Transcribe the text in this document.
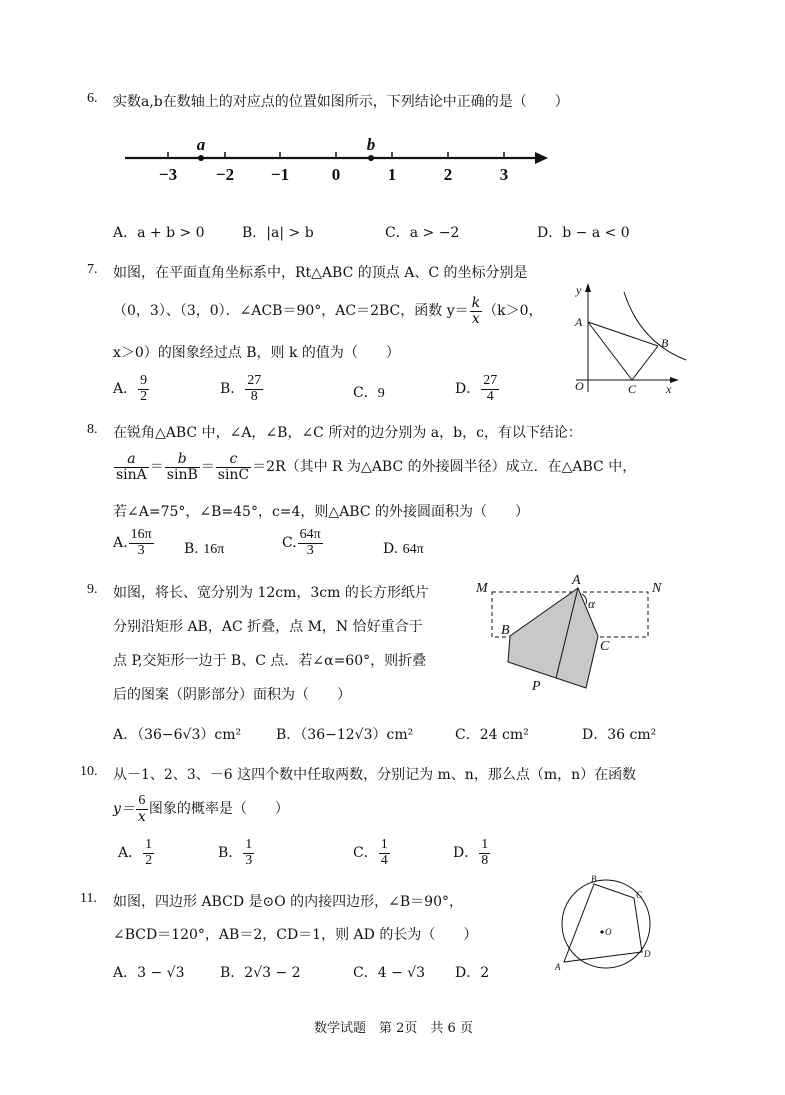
6. 实数a,b在数轴上的对应点的位置如图所示，下列结论中正确的是（　　）
a	b
−3 −2 −1	0	1	2	3
A．a + b > 0	B．|a| > b	C．a > −2	D．b − a < 0
7. 如图，在平面直角坐标系中，Rt△ABC 的顶点 A、C 的坐标分别是
（0，3）、（3，0）．∠ACB＝90°，AC＝2BC，函数 $y= \frac{k}{x} (k>0$，
x＞0）的图象经过点 B，则 k 的值为（　　）
A． $\frac{9}{2}$	B． $\frac{27}{8}$	C．9	D． $\frac{27}{4}$
y
x
A
B
C
O
8. 在锐角△ABC 中，∠A，∠B，∠C 所对的边分别为 a，b，c，有以下结论：
$\frac{a}{\sin A} = \frac{b}{\sin B} = \frac{c}{\sin C} =2R$（其中 R 为△ABC 的外接圆半径）成立．在△ABC 中，
若∠A=75°，∠B=45°，c=4，则△ABC 的外接圆面积为（　　）
A. $\frac{16\pi}{3} B$. 16π	C. $\frac{64\pi}{3}$	D. 64π
9. 如图，将长、宽分别为 12cm，3cm 的长方形纸片
分别沿矩形 AB，AC 折叠，点 M，N 恰好重合于
点 P,交矩形一边于 B、C 点．若∠α=60°，则折叠
后的图案（阴影部分）面积为（　　）
M
A
N
B
C
P
α
A．（36−6√3）cm² B．（36−12√3）cm²	C．24 cm²	D．36 cm²
10. 从－1、2、3、－6 这四个数中任取两数，分别记为 m、n，那么点（m，n）在函数
$y= \frac{6}{x}$ 图象的概率是（　　）
A． $\frac{1}{2}$	B． $\frac{1}{3}$	C． $\frac{1}{4}$	D． $\frac{1}{8}$
11. 如图，四边形 ABCD 是⊙O 的内接四边形，∠B＝90°，
∠BCD＝120°，AB＝2，CD＝1，则 AD 的长为（　　）
A．3 − √3	B．2√3 − 2	C．4 − √3 D．2	A
B
C
D
O
数学试题　第 2页　共 6 页
